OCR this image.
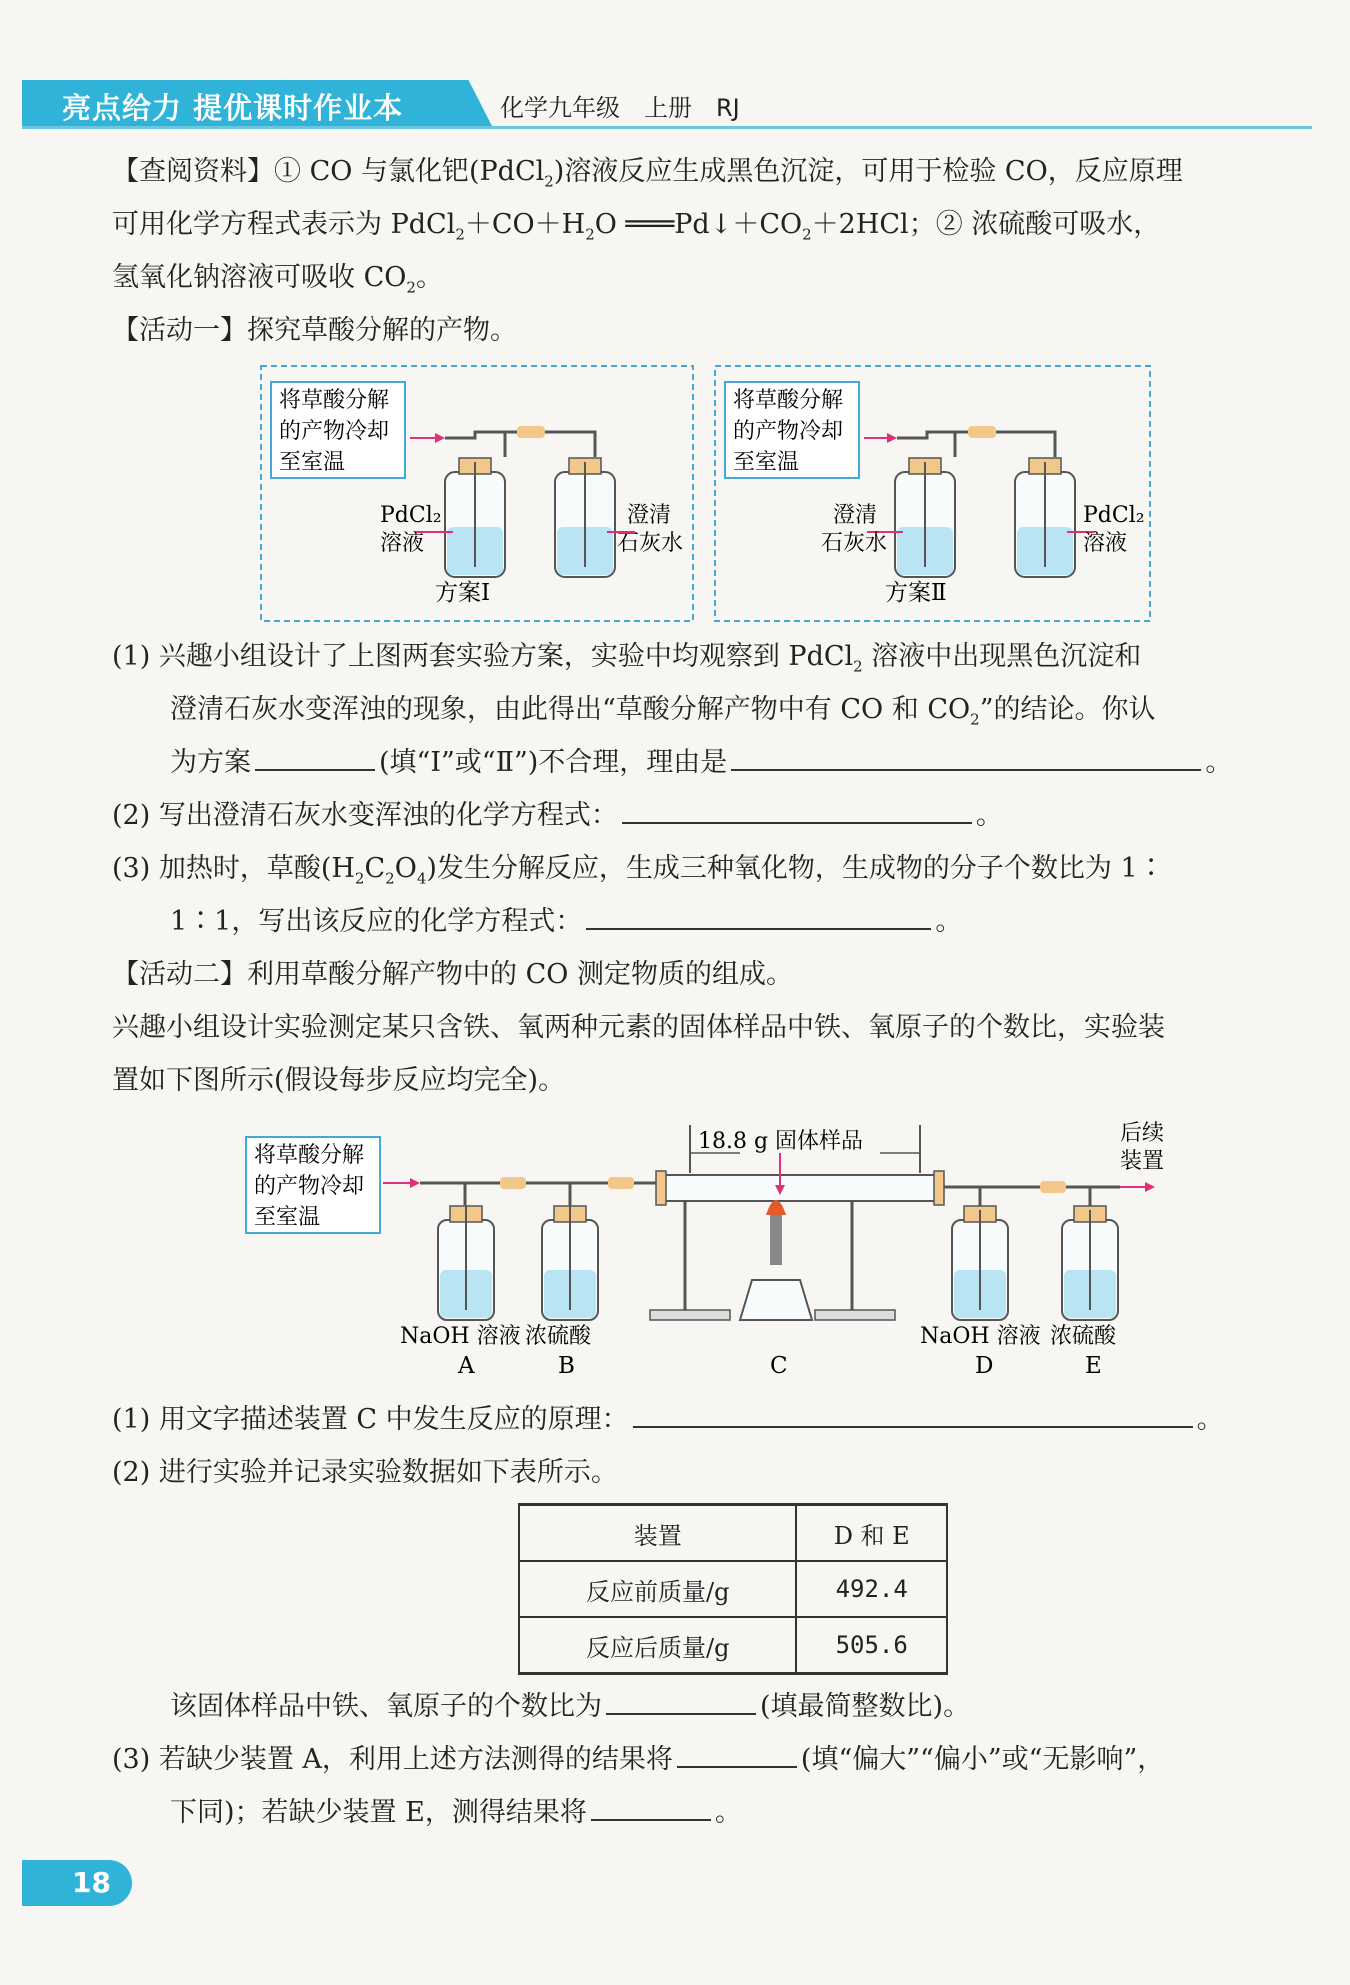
亮点给力 提优课时作业本	化学九年级　上册　RJ
【查阅资料】① CO 与氯化钯(PdCl$_2$)溶液反应生成黑色沉淀，可用于检验 CO，反应原理
可用化学方程式表示为 $PdCl_2+CO+H_2O$ $═══Pd↓+CO_2+2HCl$；② 浓硫酸可吸水，
氢氧化钠溶液可吸收 $CO_2$。
【活动一】探究草酸分解的产物。
将草酸分解
的产物冷却
至室温
PdCl₂
溶液
澄清
石灰水
方案Ⅰ
将草酸分解
的产物冷却
至室温
澄清
石灰水
PdCl₂
溶液
方案Ⅱ
(1) 兴趣小组设计了上图两套实验方案，实验中均观察到 PdCl$_2$ 溶液中出现黑色沉淀和
澄清石灰水变浑浊的现象，由此得出“草酸分解产物中有 CO 和 $CO_2$”的结论。你认
为方案	(填“Ⅰ”或“Ⅱ”)不合理，理由是	。
(2) 写出澄清石灰水变浑浊的化学方程式：	。
(3) 加热时，草酸$(H_2C_2O_4)$发生分解反应，生成三种氧化物，生成物的分子个数比为 1∶
1∶1，写出该反应的化学方程式：	。
【活动二】利用草酸分解产物中的 CO 测定物质的组成。
兴趣小组设计实验测定某只含铁、氧两种元素的固体样品中铁、氧原子的个数比，实验装
置如下图所示(假设每步反应均完全)。
将草酸分解
的产物冷却
至室温
18.8 g 固体样品	后续
装置
NaOH 溶液 浓硫酸	NaOH 溶液 浓硫酸
A	B	C	D	E
(1) 用文字描述装置 C 中发生反应的原理：	。
(2) 进行实验并记录实验数据如下表所示。
装置	D 和 E
反应前质量/g	492.4
反应后质量/g	505.6
该固体样品中铁、氧原子的个数比为	(填最简整数比)。
(3) 若缺少装置 A，利用上述方法测得的结果将	(填“偏大”“偏小”或“无影响”，
下同)；若缺少装置 E，测得结果将	。
18
